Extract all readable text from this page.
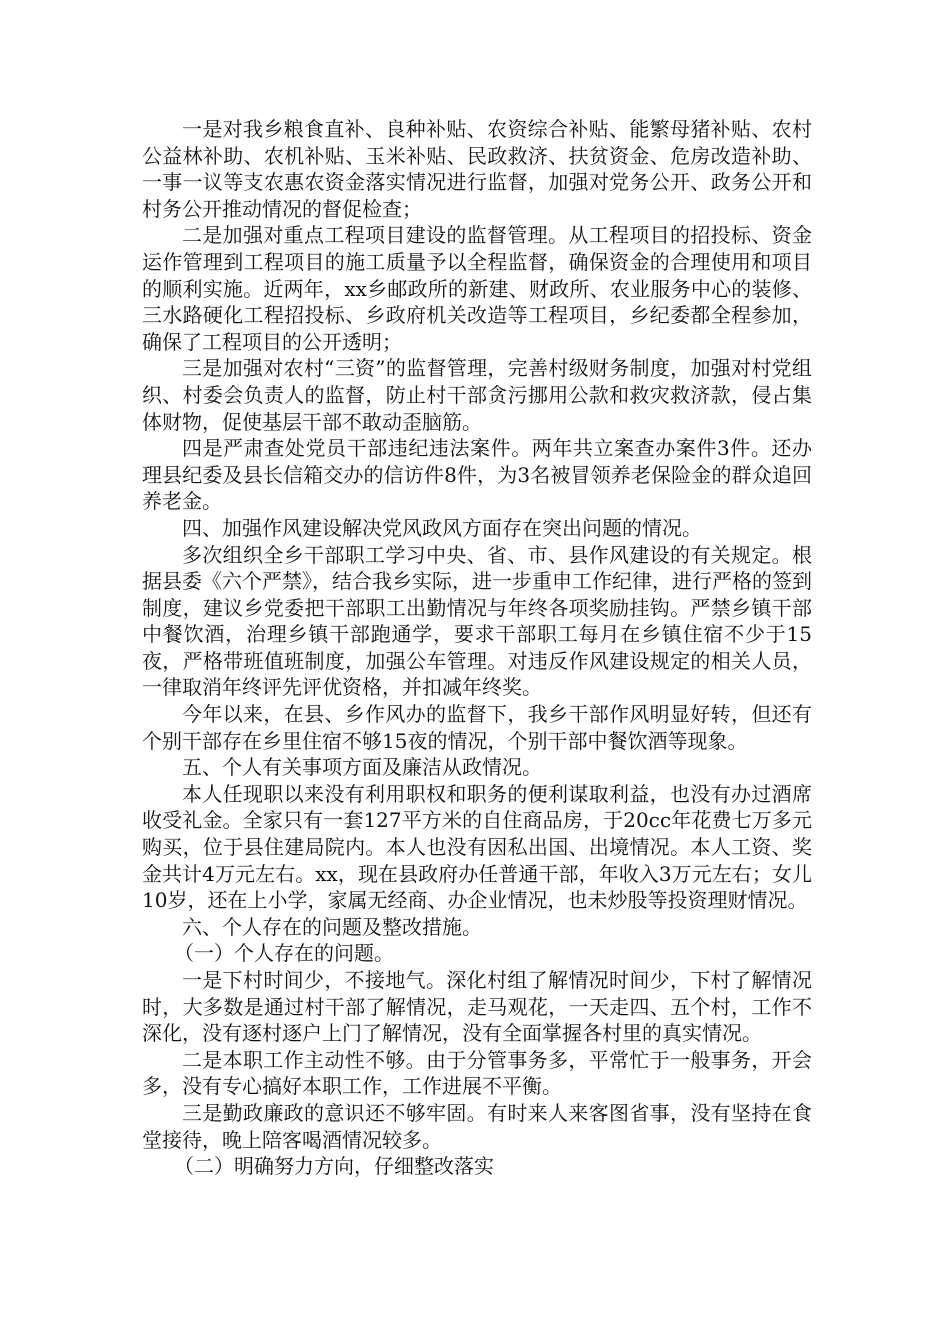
一是对我乡粮食直补、良种补贴、农资综合补贴、能繁母猪补贴、农村公益林补助、农机补贴、玉米补贴、民政救济、扶贫资金、危房改造补助、一事一议等支农惠农资金落实情况进行监督，加强对党务公开、政务公开和村务公开推动情况的督促检查；

二是加强对重点工程项目建设的监督管理。从工程项目的招投标、资金运作管理到工程项目的施工质量予以全程监督，确保资金的合理使用和项目的顺利实施。近两年，xx乡邮政所的新建、财政所、农业服务中心的装修、三水路硬化工程招投标、乡政府机关改造等工程项目，乡纪委都全程参加，确保了工程项目的公开透明；

三是加强对农村“三资”的监督管理，完善村级财务制度，加强对村党组织、村委会负责人的监督，防止村干部贪污挪用公款和救灾救济款，侵占集体财物，促使基层干部不敢动歪脑筋。

四是严肃查处党员干部违纪违法案件。两年共立案查办案件3件。还办理县纪委及县长信箱交办的信访件8件，为3名被冒领养老保险金的群众追回养老金。

四、加强作风建设解决党风政风方面存在突出问题的情况。

多次组织全乡干部职工学习中央、省、市、县作风建设的有关规定。根据县委《六个严禁》，结合我乡实际，进一步重申工作纪律，进行严格的签到制度，建议乡党委把干部职工出勤情况与年终各项奖励挂钩。严禁乡镇干部中餐饮酒，治理乡镇干部跑通学，要求干部职工每月在乡镇住宿不少于15夜，严格带班值班制度，加强公车管理。对违反作风建设规定的相关人员，一律取消年终评先评优资格，并扣减年终奖。

今年以来，在县、乡作风办的监督下，我乡干部作风明显好转，但还有个别干部存在乡里住宿不够15夜的情况，个别干部中餐饮酒等现象。

五、个人有关事项方面及廉洁从政情况。

本人任现职以来没有利用职权和职务的便利谋取利益，也没有办过酒席收受礼金。全家只有一套127平方米的自住商品房，于20cc年花费七万多元购买，位于县住建局院内。本人也没有因私出国、出境情况。本人工资、奖金共计4万元左右。xx，现在县政府办任普通干部，年收入3万元左右；女儿10岁，还在上小学，家属无经商、办企业情况，也未炒股等投资理财情况。

六、个人存在的问题及整改措施。

（一）个人存在的问题。

一是下村时间少，不接地气。深化村组了解情况时间少，下村了解情况时，大多数是通过村干部了解情况，走马观花，一天走四、五个村，工作不深化，没有逐村逐户上门了解情况，没有全面掌握各村里的真实情况。

二是本职工作主动性不够。由于分管事务多，平常忙于一般事务，开会多，没有专心搞好本职工作，工作进展不平衡。

三是勤政廉政的意识还不够牢固。有时来人来客图省事，没有坚持在食堂接待，晚上陪客喝酒情况较多。

（二）明确努力方向，仔细整改落实
